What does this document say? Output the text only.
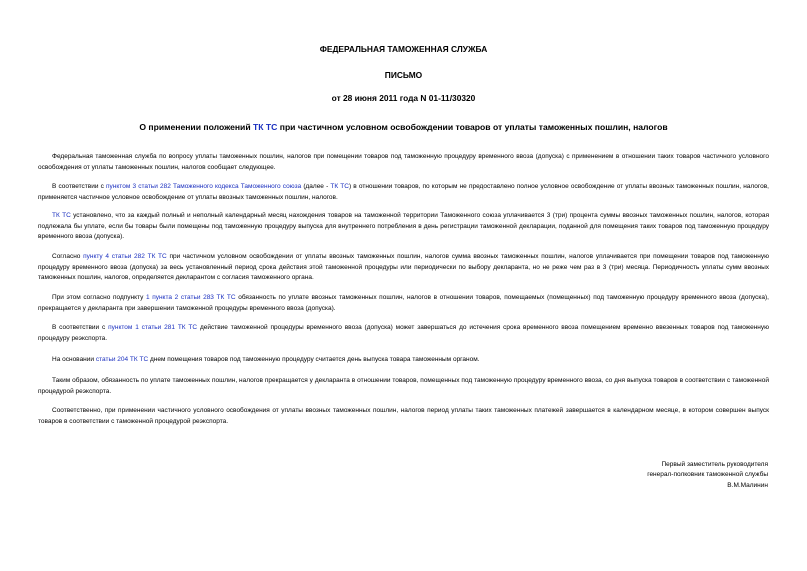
ФЕДЕРАЛЬНАЯ ТАМОЖЕННАЯ СЛУЖБА
ПИСЬМО
от 28 июня 2011 года N 01-11/30320
О применении положений ТК ТС при частичном условном освобождении товаров от уплаты таможенных пошлин, налогов
Федеральная таможенная служба по вопросу уплаты таможенных пошлин, налогов при помещении товаров под таможенную процедуру временного ввоза (допуска) с применением в отношении таких товаров частичного условного освобождения от уплаты таможенных пошлин, налогов сообщает следующее.
В соответствии с пунктом 3 статьи 282 Таможенного кодекса Таможенного союза (далее - ТК ТС) в отношении товаров, по которым не предоставлено полное условное освобождение от уплаты ввозных таможенных пошлин, налогов, применяется частичное условное освобождение от уплаты ввозных таможенных пошлин, налогов.
ТК ТС установлено, что за каждый полный и неполный календарный месяц нахождения товаров на таможенной территории Таможенного союза уплачивается 3 (три) процента суммы ввозных таможенных пошлин, налогов, которая подлежала бы уплате, если бы товары были помещены под таможенную процедуру выпуска для внутреннего потребления в день регистрации таможенной декларации, поданной для помещения таких товаров под таможенную процедуру временного ввоза (допуска).
Согласно пункту 4 статьи 282 ТК ТС при частичном условном освобождении от уплаты ввозных таможенных пошлин, налогов сумма ввозных таможенных пошлин, налогов уплачивается при помещении товаров под таможенную процедуру временного ввоза (допуска) за весь установленный период срока действия этой таможенной процедуры или периодически по выбору декларанта, но не реже чем раз в 3 (три) месяца. Периодичность уплаты сумм ввозных таможенных пошлин, налогов, определяется декларантом с согласия таможенного органа.
При этом согласно подпункту 1 пункта 2 статьи 283 ТК ТС обязанность по уплате ввозных таможенных пошлин, налогов в отношении товаров, помещаемых (помещенных) под таможенную процедуру временного ввоза (допуска), прекращается у декларанта при завершении таможенной процедуры временного ввоза (допуска).
В соответствии с пунктом 1 статьи 281 ТК ТС действие таможенной процедуры временного ввоза (допуска) может завершаться до истечения срока временного ввоза помещением временно ввезенных товаров под таможенную процедуру реэкспорта.
На основании статьи 204 ТК ТС днем помещения товаров под таможенную процедуру считается день выпуска товара таможенным органом.
Таким образом, обязанность по уплате таможенных пошлин, налогов прекращается у декларанта в отношении товаров, помещенных под таможенную процедуру временного ввоза, со дня выпуска товаров в соответствии с таможенной процедурой реэкспорта.
Соответственно, при применении частичного условного освобождения от уплаты ввозных таможенных пошлин, налогов период уплаты таких таможенных платежей завершается в календарном месяце, в котором совершен выпуск товаров в соответствии с таможенной процедурой реэкспорта.
Первый заместитель руководителя
генерал-полковник таможенной службы
В.М.Малинин
